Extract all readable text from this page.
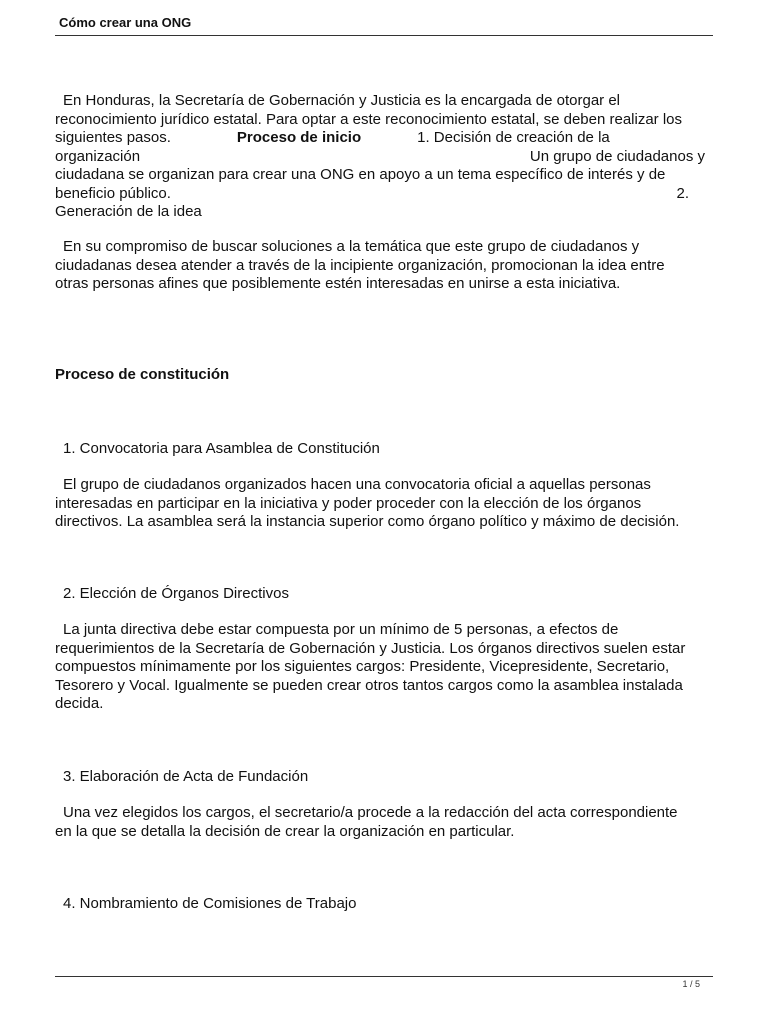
Cómo crear una ONG
En Honduras, la Secretaría de Gobernación y Justicia es la encargada de otorgar el
reconocimiento jurídico estatal. Para optar a este reconocimiento estatal, se deben realizar los
siguientes pasos.	Proceso de inicio	1. Decisión de creación de la
organización	Un grupo de ciudadanos y
ciudadana se organizan para crear una ONG en apoyo a un tema específico de interés y de
beneficio público.	2.
Generación de la idea
En su compromiso de buscar soluciones a la temática que este grupo de ciudadanos y
ciudadanas desea atender a través de la incipiente organización, promocionan la idea entre
otras personas afines que posiblemente estén interesadas en unirse a esta iniciativa.
Proceso de constitución
1. Convocatoria para Asamblea de Constitución
El grupo de ciudadanos organizados hacen una convocatoria oficial a aquellas personas
interesadas en participar en la iniciativa y poder proceder con la elección de los órganos
directivos. La asamblea será la instancia superior como órgano político y máximo de decisión.
2. Elección de Órganos Directivos
La junta directiva debe estar compuesta por un mínimo de 5 personas, a efectos de
requerimientos de la Secretaría de Gobernación y Justicia. Los órganos directivos suelen estar
compuestos mínimamente por los siguientes cargos: Presidente, Vicepresidente, Secretario,
Tesorero y Vocal. Igualmente se pueden crear otros tantos cargos como la asamblea instalada
decida.
3. Elaboración de Acta de Fundación
Una vez elegidos los cargos, el secretario/a procede a la redacción del acta correspondiente
en la que se detalla la decisión de crear la organización en particular.
4. Nombramiento de Comisiones de Trabajo
1 / 5
